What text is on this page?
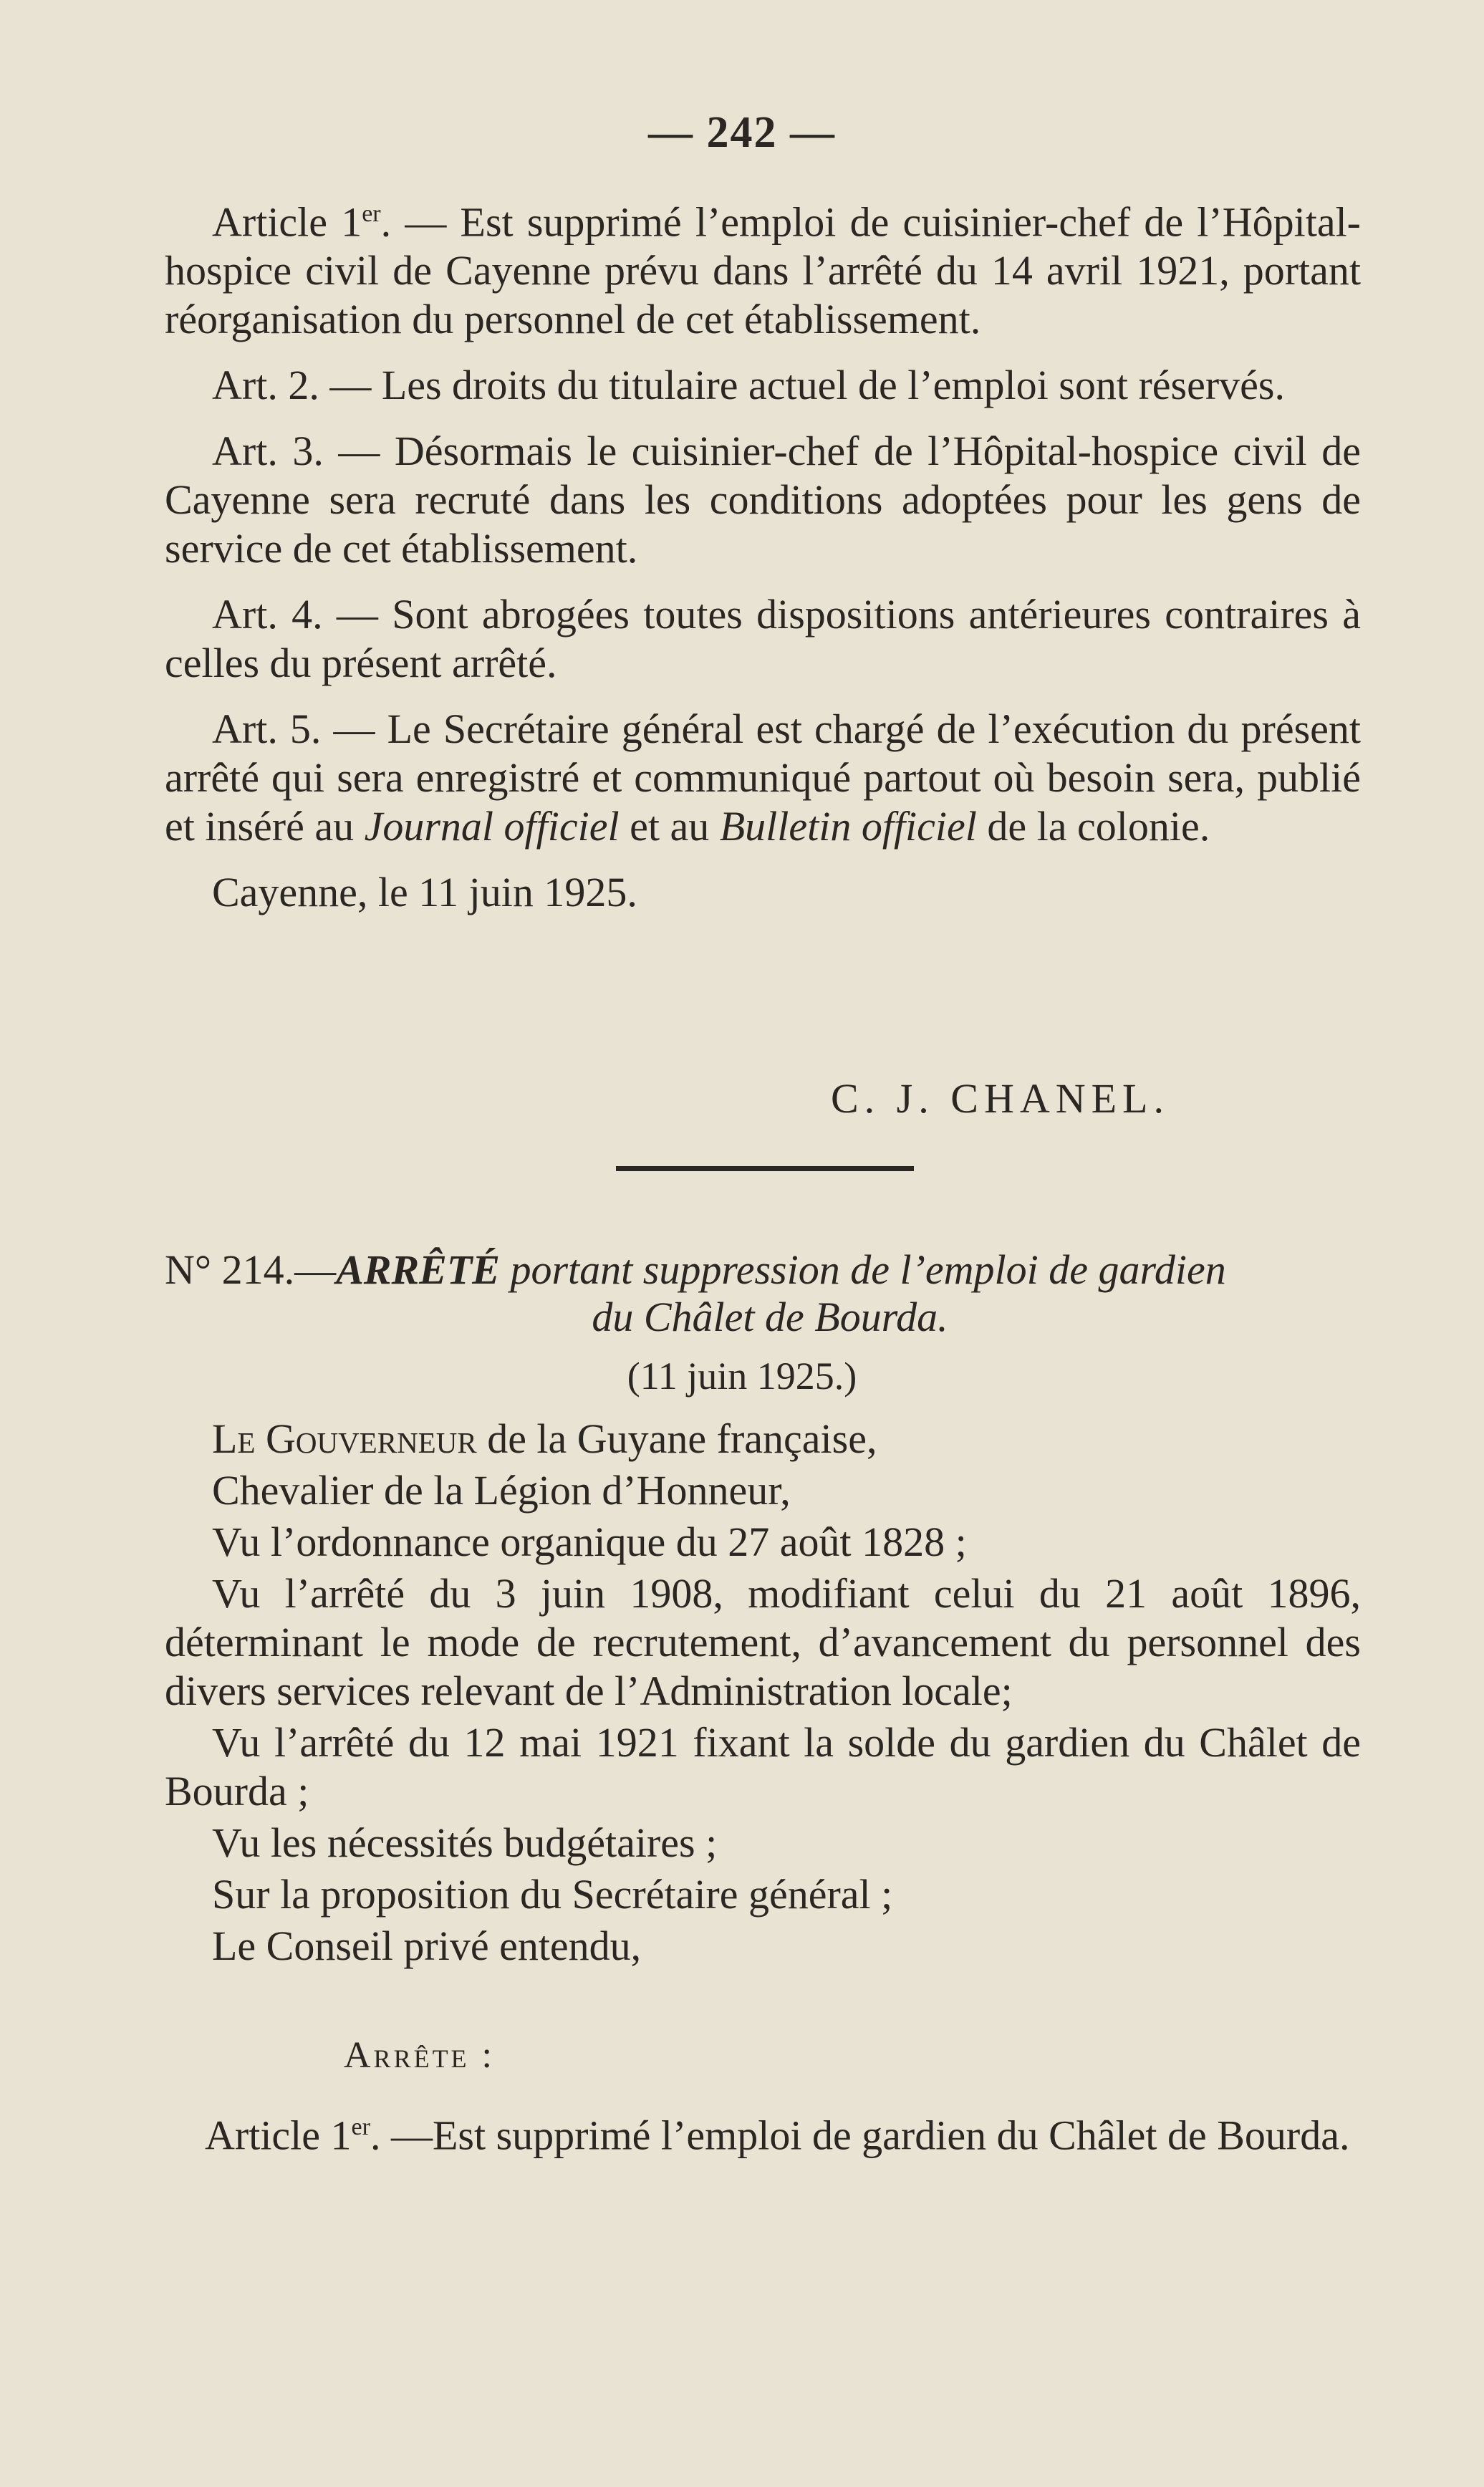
— 242 —

Article 1er. — Est supprimé l’emploi de cuisinier-chef de l’Hôpital-hospice civil de Cayenne prévu dans l’arrêté du 14 avril 1921, portant réorganisation du personnel de cet établissement.

Art. 2. — Les droits du titulaire actuel de l’emploi sont réservés.

Art. 3. — Désormais le cuisinier-chef de l’Hôpital-hospice civil de Cayenne sera recruté dans les conditions adoptées pour les gens de service de cet établissement.

Art. 4. — Sont abrogées toutes dispositions antérieures contraires à celles du présent arrêté.

Art. 5. — Le Secrétaire général est chargé de l’exécution du présent arrêté qui sera enregistré et communiqué partout où besoin sera, publié et inséré au Journal officiel et au Bulletin officiel de la colonie.

Cayenne, le 11 juin 1925.

C. J. CHANEL.
N° 214.—ARRÊTÉ portant suppression de l’emploi de gardien
du Châlet de Bourda.
(11 juin 1925.)

Le Gouverneur de la Guyane française,

Chevalier de la Légion d’Honneur,

Vu l’ordonnance organique du 27 août 1828 ;

Vu l’arrêté du 3 juin 1908, modifiant celui du 21 août 1896, déterminant le mode de recrutement, d’avancement du personnel des divers services relevant de l’Administration locale;

Vu l’arrêté du 12 mai 1921 fixant la solde du gardien du Châlet de Bourda ;

Vu les nécessités budgétaires ;

Sur la proposition du Secrétaire général ;

Le Conseil privé entendu,

Arrête :

Article 1er. —Est supprimé l’emploi de gardien du Châlet de Bourda.
